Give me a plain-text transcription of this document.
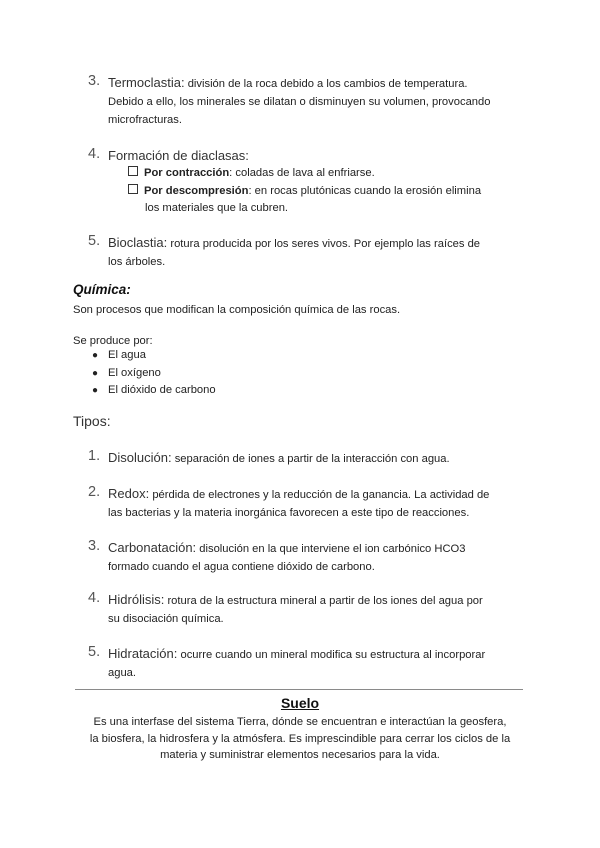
3. Termoclastia: división de la roca debido a los cambios de temperatura.
Debido a ello, los minerales se dilatan o disminuyen su volumen, provocando
microfracturas.
4. Formación de diaclasas:
Por contracción: coladas de lava al enfriarse.
Por descompresión: en rocas plutónicas cuando la erosión elimina
los materiales que la cubren.
5. Bioclastia: rotura producida por los seres vivos. Por ejemplo las raíces de
los árboles.
Química:
Son procesos que modifican la composición química de las rocas.
Se produce por:
● El agua
● El oxígeno
● El dióxido de carbono
Tipos:
1. Disolución: separación de iones a partir de la interacción con agua.
2. Redox: pérdida de electrones y la reducción de la ganancia. La actividad de
las bacterias y la materia inorgánica favorecen a este tipo de reacciones.
3. Carbonatación: disolución en la que interviene el ion carbónico HCO3
formado cuando el agua contiene dióxido de carbono.
4. Hidrólisis: rotura de la estructura mineral a partir de los iones del agua por
su disociación química.
5. Hidratación: ocurre cuando un mineral modifica su estructura al incorporar
agua.
Suelo
Es una interfase del sistema Tierra, dónde se encuentran e interactúan la geosfera,
la biosfera, la hidrosfera y la atmósfera. Es imprescindible para cerrar los ciclos de la
materia y suministrar elementos necesarios para la vida.
